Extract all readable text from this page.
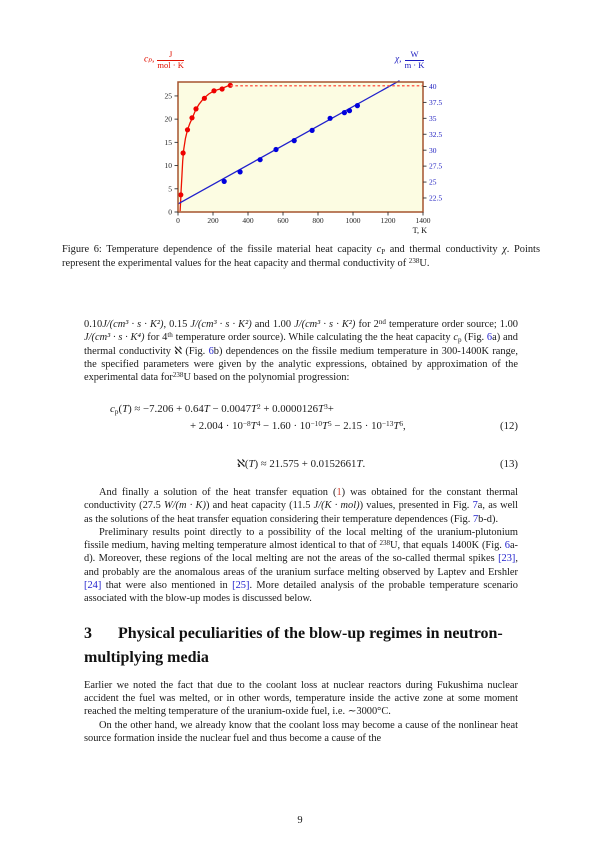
cₚ, $\frac{J}{\text{mol · K}}$	χ, $\frac{W}{m \cdot K}$
0	200	400	600	800	1000	1200	1400
0
5
10
15
20
25
22.5
25
27.5
30
32.5
35
37.5
40
T, K
Figure 6: Temperature dependence of the fissile material heat capacity cP and thermal conductivity χ. Points represent the experimental values for the heat capacity and thermal conductivity of $^{238}$U.

0.10J/(cm³ · s · K²), 0.15 J/(cm³ · s · K²) and 1.00 J/(cm³ · s · K²) for 2nd temperature order source; 1.00 J/(cm³ · s · K⁴) for 4th temperature order source). While calculating the the heat capacity cp (Fig. 6a) and thermal conductivity ℵ (Fig. 6b) dependences on the fissile medium temperature in 300-1400K range, the specified parameters were given by the analytic expressions, obtained by approximation of the experimental data for$^{238}$U based on the polynomial progression:

$cp(T) \approx -7.206 + 0.64T - 0.0047T^2 + 0.0000126T^3+$
+ $2.004 \cdot 10^{-8}T^4 - 1.60 \cdot 10^{-10}T^5 - 2.15 \cdot 10^{-13}T^6$,	(12)
ℵ(T) ≈ 21.575 + 0.0152661T.	(13)

And finally a solution of the heat transfer equation (1) was obtained for the constant thermal conductivity (27.5 W/(m · K)) and heat capacity (11.5 J/(K · mol)) values, presented in Fig. 7a, as well as the solutions of the heat transfer equation considering their temperature dependences (Fig. 7b-d).

Preliminary results point directly to a possibility of the local melting of the uranium-plutonium fissile medium, having melting temperature almost identical to that of $^{238}$U, that equals 1400K (Fig. 6a-d). Moreover, these regions of the local melting are not the areas of the so-called thermal spikes [23], and probably are the anomalous areas of the uranium surface melting observed by Laptev and Ershler [24] that were also mentioned in [25]. More detailed analysis of the probable temperature scenario associated with the blow-up modes is discussed below.

3 Physical peculiarities of the blow-up regimes in neutron-multiplying media

Earlier we noted the fact that due to the coolant loss at nuclear reactors during Fukushima nuclear accident the fuel was melted, or in other words, temperature inside the active zone at some moment reached the melting temperature of the uranium-oxide fuel, i.e. ∼3000°C.

On the other hand, we already know that the coolant loss may become a cause of the nonlinear heat source formation inside the nuclear fuel and thus become a cause of the

9
